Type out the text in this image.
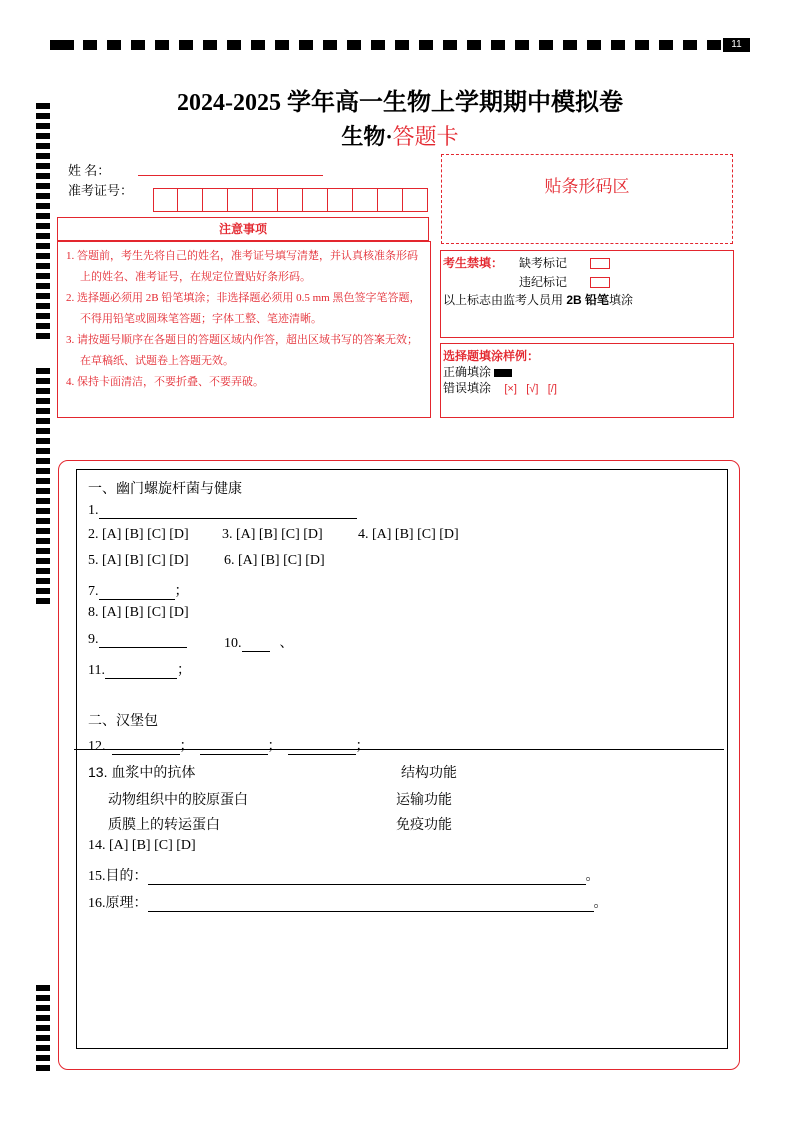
11
2024-2025 学年高一生物上学期期中模拟卷
生物·答题卡
姓 名：
准考证号：	贴条形码区
注意事项
1. 答题前，考生先将自己的姓名，准考证号填写清楚，并认真核准条形码上的姓名、准考证号，在规定位置贴好条形码。
2. 选择题必须用 2B 铅笔填涂；非选择题必须用 0.5 mm 黑色签字笔答题，不得用铅笔或圆珠笔答题；字体工整、笔迹清晰。
3. 请按题号顺序在各题目的答题区域内作答，超出区域书写的答案无效；在草稿纸、试题卷上答题无效。
4. 保持卡面清洁，不要折叠、不要弄破。
考生禁填： 缺考标记
违纪标记
以上标志由监考人员用 2B 铅笔填涂
选择题填涂样例：
正确填涂
错误填涂 [×] [√] [/]
一、幽门螺旋杆菌与健康
1.
2. [A] [B] [C] [D] 3. [A] [B] [C] [D]	4. [A] [B] [C] [D]
5. [A] [B] [C] [D]	6. [A] [B] [C] [D]
7.	；
8. [A] [B] [C] [D]
9.	10.	、
11.	；
二、汉堡包
12.	；	；	；
13. 血浆中的抗体	结构功能
动物组织中的胶原蛋白	运输功能
质膜上的转运蛋白	免疫功能
14. [A] [B] [C] [D]
15.目的：	。
16.原理：	。
